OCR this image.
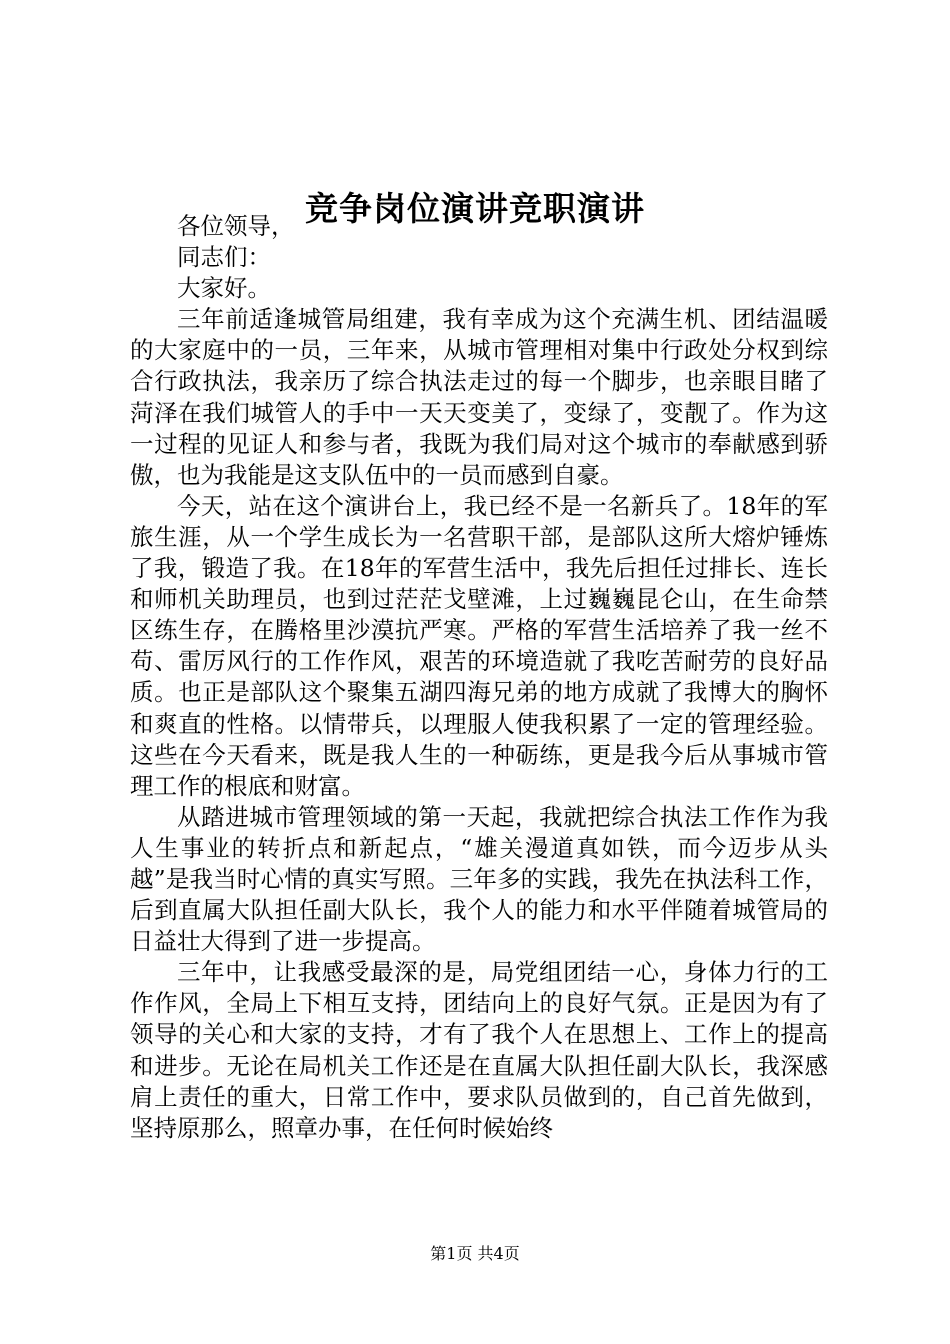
竞争岗位演讲竞职演讲

各位领导，

同志们：

大家好。

三年前适逢城管局组建，我有幸成为这个充满生机、团结温暖的大家庭中的一员，三年来，从城市管理相对集中行政处分权到综合行政执法，我亲历了综合执法走过的每一个脚步，也亲眼目睹了菏泽在我们城管人的手中一天天变美了，变绿了，变靓了。作为这一过程的见证人和参与者，我既为我们局对这个城市的奉献感到骄傲，也为我能是这支队伍中的一员而感到自豪。

今天，站在这个演讲台上，我已经不是一名新兵了。18年的军旅生涯，从一个学生成长为一名营职干部，是部队这所大熔炉锤炼了我，锻造了我。在18年的军营生活中，我先后担任过排长、连长和师机关助理员，也到过茫茫戈壁滩，上过巍巍昆仑山，在生命禁区练生存，在腾格里沙漠抗严寒。严格的军营生活培养了我一丝不苟、雷厉风行的工作作风，艰苦的环境造就了我吃苦耐劳的良好品质。也正是部队这个聚集五湖四海兄弟的地方成就了我博大的胸怀和爽直的性格。以情带兵，以理服人使我积累了一定的管理经验。这些在今天看来，既是我人生的一种砺练，更是我今后从事城市管理工作的根底和财富。

从踏进城市管理领域的第一天起，我就把综合执法工作作为我人生事业的转折点和新起点，“雄关漫道真如铁，而今迈步从头越”是我当时心情的真实写照。三年多的实践，我先在执法科工作，后到直属大队担任副大队长，我个人的能力和水平伴随着城管局的日益壮大得到了进一步提高。

三年中，让我感受最深的是，局党组团结一心，身体力行的工作作风，全局上下相互支持，团结向上的良好气氛。正是因为有了领导的关心和大家的支持，才有了我个人在思想上、工作上的提高和进步。无论在局机关工作还是在直属大队担任副大队长，我深感肩上责任的重大，日常工作中，要求队员做到的，自己首先做到，坚持原那么，照章办事，在任何时候始终

第1页 共4页
